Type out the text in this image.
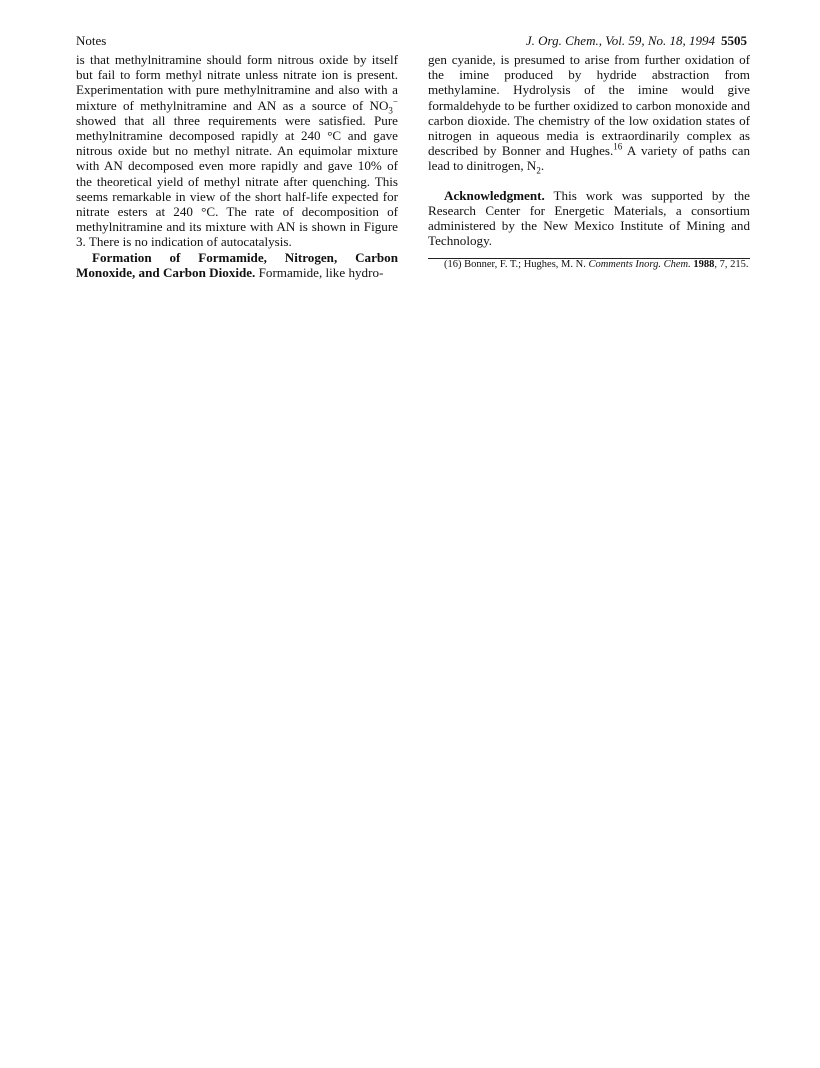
Notes	J. Org. Chem., Vol. 59, No. 18, 1994 5505

is that methylnitramine should form nitrous oxide by itself but fail to form methyl nitrate unless nitrate ion is present. Experimentation with pure methylnitramine and also with a mixture of methylnitramine and AN as a source of $NO_3^-$ showed that all three requirements were satisfied. Pure methylnitramine decomposed rapidly at 240 °C and gave nitrous oxide but no methyl nitrate. An equimolar mixture with AN decomposed even more rapidly and gave 10% of the theoretical yield of methyl nitrate after quenching. This seems remarkable in view of the short half-life expected for nitrate esters at 240 °C. The rate of decomposition of methylnitramine and its mixture with AN is shown in Figure 3. There is no indication of autocatalysis.

Formation of Formamide, Nitrogen, Carbon Monoxide, and Carbon Dioxide. Formamide, like hydro-

gen cyanide, is presumed to arise from further oxidation of the imine produced by hydride abstraction from methylamine. Hydrolysis of the imine would give formaldehyde to be further oxidized to carbon monoxide and carbon dioxide. The chemistry of the low oxidation states of nitrogen in aqueous media is extraordinarily complex as described by Bonner and Hughes.$^{16}$ A variety of paths can lead to dinitrogen, $N_2$.

Acknowledgment. This work was supported by the Research Center for Energetic Materials, a consortium administered by the New Mexico Institute of Mining and Technology.

(16) Bonner, F. T.; Hughes, M. N. Comments Inorg. Chem. 1988, 7, 215.
